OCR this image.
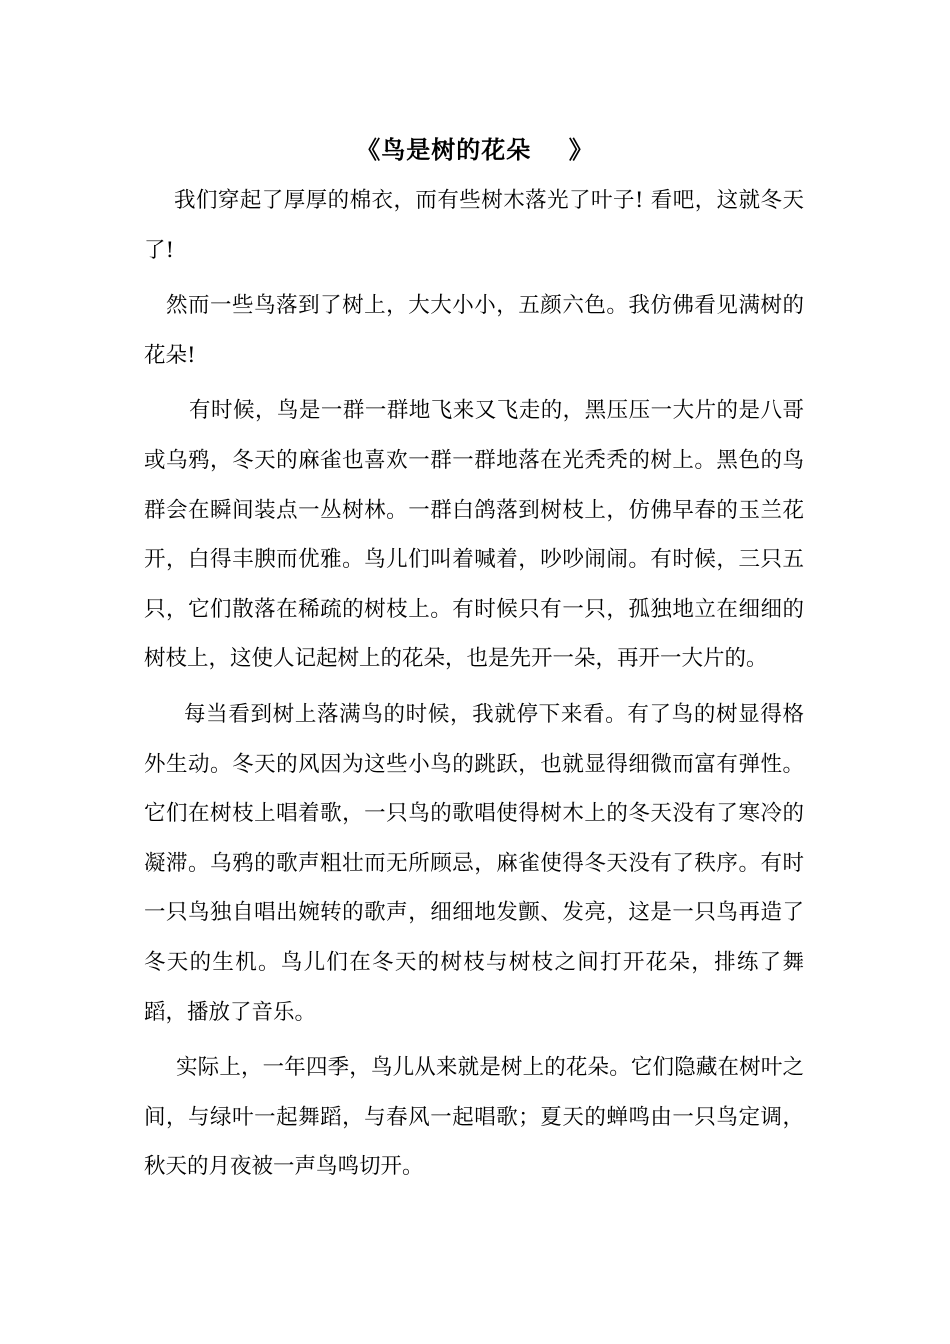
《鸟是树的花朵    》

我们穿起了厚厚的棉衣，而有些树木落光了叶子! 看吧，这就冬天了!

然而一些鸟落到了树上，大大小小，五颜六色。我仿佛看见满树的花朵!

有时候，鸟是一群一群地飞来又飞走的，黑压压一大片的是八哥或乌鸦，冬天的麻雀也喜欢一群一群地落在光秃秃的树上。黑色的鸟群会在瞬间装点一丛树林。一群白鸽落到树枝上，仿佛早春的玉兰花开，白得丰腴而优雅。鸟儿们叫着喊着，吵吵闹闹。有时候，三只五只，它们散落在稀疏的树枝上。有时候只有一只，孤独地立在细细的树枝上，这使人记起树上的花朵，也是先开一朵，再开一大片的。

每当看到树上落满鸟的时候，我就停下来看。有了鸟的树显得格外生动。冬天的风因为这些小鸟的跳跃，也就显得细微而富有弹性。它们在树枝上唱着歌，一只鸟的歌唱使得树木上的冬天没有了寒冷的凝滞。乌鸦的歌声粗壮而无所顾忌，麻雀使得冬天没有了秩序。有时一只鸟独自唱出婉转的歌声，细细地发颤、发亮，这是一只鸟再造了冬天的生机。鸟儿们在冬天的树枝与树枝之间打开花朵，排练了舞蹈，播放了音乐。

实际上，一年四季，鸟儿从来就是树上的花朵。它们隐藏在树叶之间，与绿叶一起舞蹈，与春风一起唱歌；夏天的蝉鸣由一只鸟定调，秋天的月夜被一声鸟鸣切开。
